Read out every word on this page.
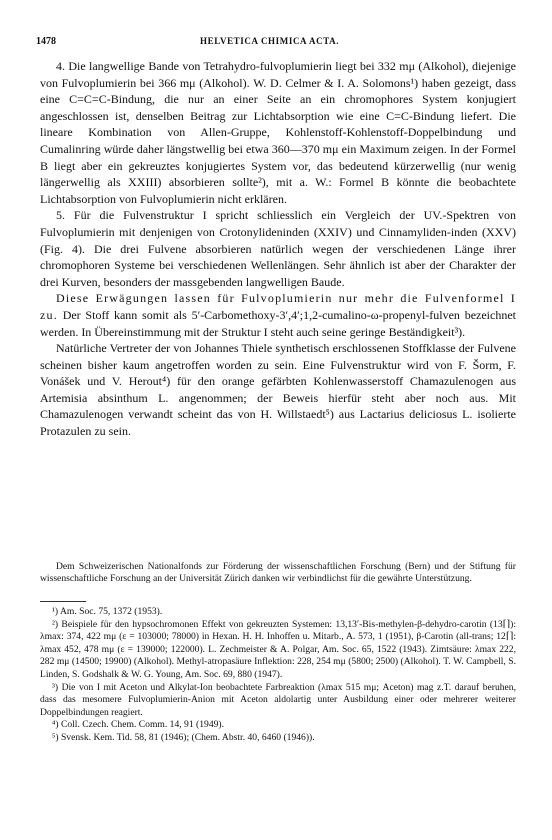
1478	HELVETICA CHIMICA ACTA.

4. Die langwellige Bande von Tetrahydro-fulvoplumierin liegt bei 332 mμ (Alkohol), diejenige von Fulvoplumierin bei 366 mμ (Alkohol). W. D. Celmer & I. A. Solomons¹) haben gezeigt, dass eine C=C=C-Bindung, die nur an einer Seite an ein chromophores System konjugiert angeschlossen ist, denselben Beitrag zur Lichtabsorption wie eine C=C-Bindung liefert. Die lineare Kombination von Allen-Gruppe, Kohlenstoff-Kohlenstoff-Doppelbindung und Cumalinring würde daher längstwellig bei etwa 360—370 mμ ein Maximum zeigen. In der Formel B liegt aber ein gekreuztes konjugiertes System vor, das bedeutend kürzerwellig (nur wenig längerwellig als XXIII) absorbieren sollte²), mit a. W.: Formel B könnte die beobachtete Lichtabsorption von Fulvoplumierin nicht erklären.

5. Für die Fulvenstruktur I spricht schliesslich ein Vergleich der UV.-Spektren von Fulvoplumierin mit denjenigen von Crotonylideninden (XXIV) und Cinnamyliden-inden (XXV) (Fig. 4). Die drei Fulvene absorbieren natürlich wegen der verschiedenen Länge ihrer chromophoren Systeme bei verschiedenen Wellenlängen. Sehr ähnlich ist aber der Charakter der drei Kurven, besonders der massgebenden langwelligen Baude.

Diese Erwägungen lassen für Fulvoplumierin nur mehr die Fulvenformel I zu. Der Stoff kann somit als 5′-Carbomethoxy-3′,4′;1,2-cumalino-ω-propenyl-fulven bezeichnet werden. In Übereinstimmung mit der Struktur I steht auch seine geringe Beständigkeit³).

Natürliche Vertreter der von Johannes Thiele synthetisch erschlossenen Stoffklasse der Fulvene scheinen bisher kaum angetroffen worden zu sein. Eine Fulvenstruktur wird von F. Šorm, F. Vonášek und V. Herout⁴) für den orange gefärbten Kohlenwasserstoff Chamazulenogen aus Artemisia absinthum L. angenommen; der Beweis hierfür steht aber noch aus. Mit Chamazulenogen verwandt scheint das von H. Willstaedt⁵) aus Lactarius deliciosus L. isolierte Protazulen zu sein.

Dem Schweizerischen Nationalfonds zur Förderung der wissenschaftlichen Forschung (Bern) und der Stiftung für wissenschaftliche Forschung an der Universität Zürich danken wir verbindlichst für die gewährte Unterstützung.

¹) Am. Soc. 75, 1372 (1953).

²) Beispiele für den hypsochromonen Effekt von gekreuzten Systemen: 13,13′-Bis-methylen-β-dehydro-carotin (13⌈⌉): λmax: 374, 422 mμ (ε = 103000; 78000) in Hexan. H. H. Inhoffen u. Mitarb., A. 573, 1 (1951), β-Carotin (all-trans; 12⌈⌉: λmax 452, 478 mμ (ε = 139000; 122000). L. Zechmeister & A. Polgar, Am. Soc. 65, 1522 (1943). Zimtsäure: λmax 222, 282 mμ (14500; 19900) (Alkohol). Methyl-atropasäure Inflektion: 228, 254 mμ (5800; 2500) (Alkohol). T. W. Campbell, S. Linden, S. Godshalk & W. G. Young, Am. Soc. 69, 880 (1947).

³) Die von I mit Aceton und Alkylat-Ion beobachtete Farbreaktion (λmax 515 mμ; Aceton) mag z.T. darauf beruhen, dass das mesomere Fulvoplumierin-Anion mit Aceton aldolartig unter Ausbildung einer oder mehrerer weiterer Doppelbindungen reagiert.

⁴) Coll. Czech. Chem. Comm. 14, 91 (1949).

⁵) Svensk. Kem. Tid. 58, 81 (1946); (Chem. Abstr. 40, 6460 (1946)).
